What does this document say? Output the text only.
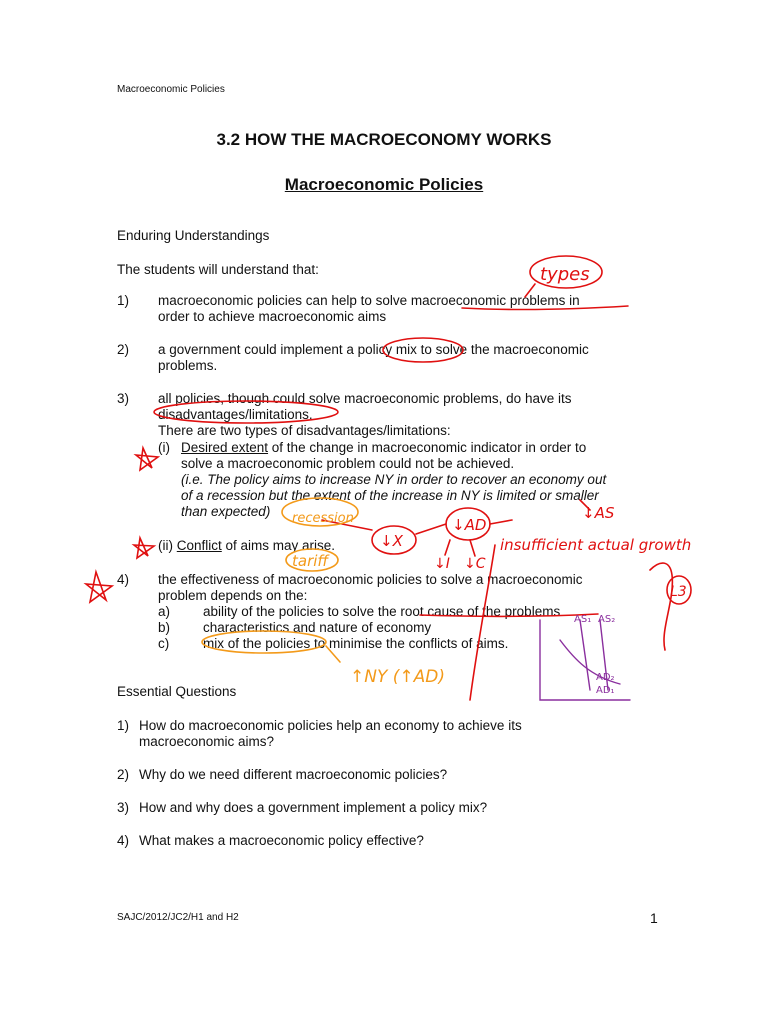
Macroeconomic Policies
3.2 HOW THE MACROECONOMY WORKS
Macroeconomic Policies
Enduring Understandings
The students will understand that:
1) macroeconomic policies can help to solve macroeconomic problems in
order to achieve macroeconomic aims
2) a government could implement a policy mix to solve the macroeconomic
problems.
3) all policies, though could solve macroeconomic problems, do have its
disadvantages/limitations.
There are two types of disadvantages/limitations:
(i) Desired extent of the change in macroeconomic indicator in order to
solve a macroeconomic problem could not be achieved.
(i.e. The policy aims to increase NY in order to recover an economy out
of a recession but the extent of the increase in NY is limited or smaller
than expected)
(ii) Conflict of aims may arise.
4) the effectiveness of macroeconomic policies to solve a macroeconomic
problem depends on the:
a) ability of the policies to solve the root cause of the problems
b) characteristics and nature of economy
c)	mix of the policies to minimise the conflicts of aims.
Essential Questions
1) How do macroeconomic policies help an economy to achieve its
macroeconomic aims?
2) Why do we need different macroeconomic policies?
3) How and why does a government implement a policy mix?
4) What makes a macroeconomic policy effective?
types
recession
↓X
↓AD
↓AS
insufficient actual growth
tariff	↓I ↓C
L3
↑NY (↑AD)
AS₁ AS₂
AD₂
AD₁
SAJC/2012/JC2/H1 and H2	1
